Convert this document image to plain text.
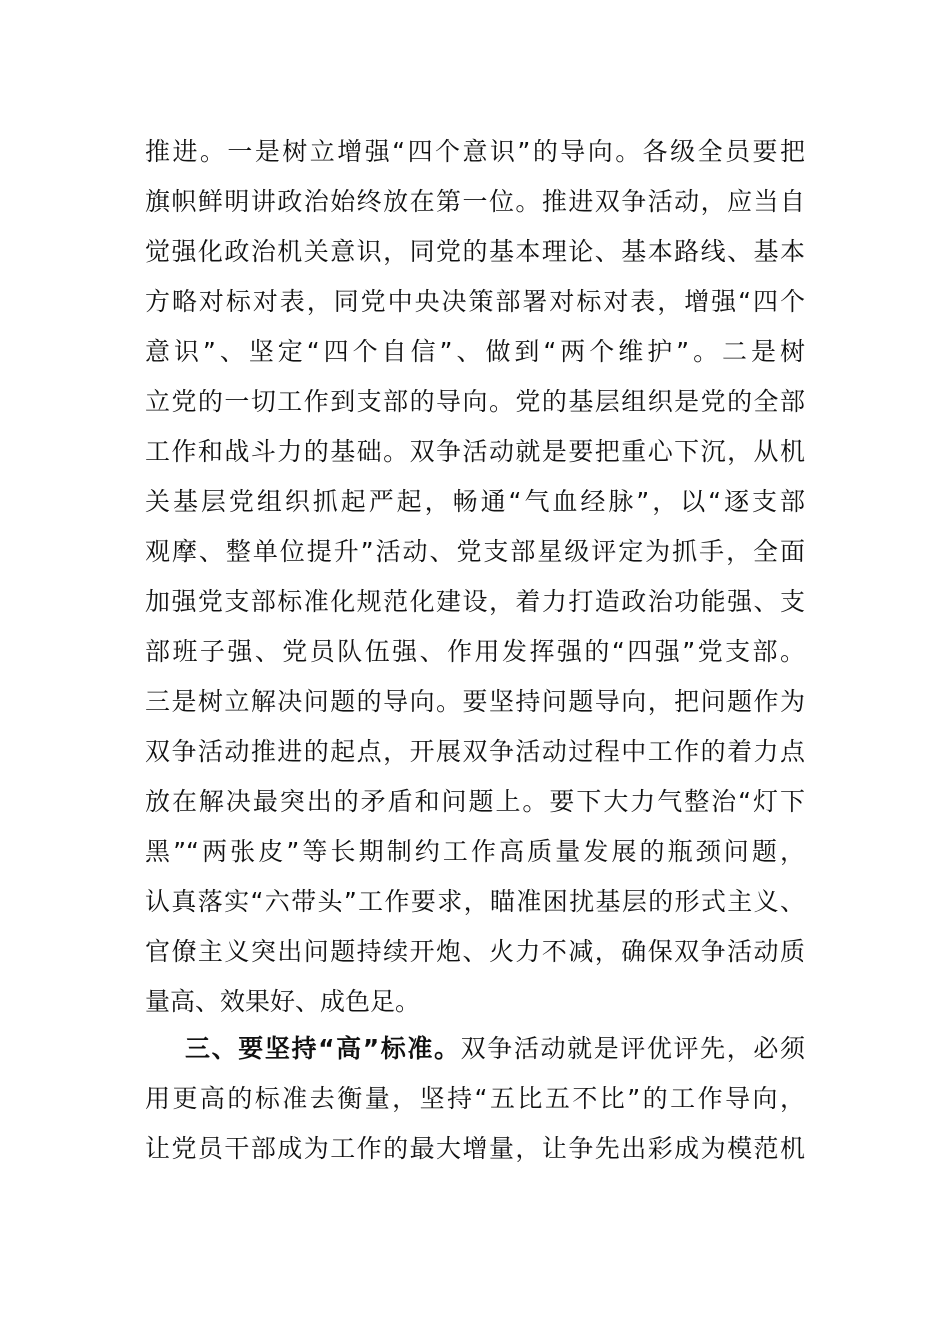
推进。一是树立增强“四个意识”的导向。各级全员要把
旗帜鲜明讲政治始终放在第一位。推进双争活动，应当自
觉强化政治机关意识，同党的基本理论、基本路线、基本
方略对标对表，同党中央决策部署对标对表，增强“四个
意识”、坚定“四个自信”、做到“两个维护”。二是树
立党的一切工作到支部的导向。党的基层组织是党的全部
工作和战斗力的基础。双争活动就是要把重心下沉，从机
关基层党组织抓起严起，畅通“气血经脉”，以“逐支部
观摩、整单位提升”活动、党支部星级评定为抓手，全面
加强党支部标准化规范化建设，着力打造政治功能强、支
部班子强、党员队伍强、作用发挥强的“四强”党支部。
三是树立解决问题的导向。要坚持问题导向，把问题作为
双争活动推进的起点，开展双争活动过程中工作的着力点
放在解决最突出的矛盾和问题上。要下大力气整治“灯下
黑”“两张皮”等长期制约工作高质量发展的瓶颈问题，
认真落实“六带头”工作要求，瞄准困扰基层的形式主义、
官僚主义突出问题持续开炮、火力不减，确保双争活动质
量高、效果好、成色足。
三、要坚持“高”标准。双争活动就是评优评先，必须
用更高的标准去衡量，坚持“五比五不比”的工作导向，
让党员干部成为工作的最大增量，让争先出彩成为模范机
